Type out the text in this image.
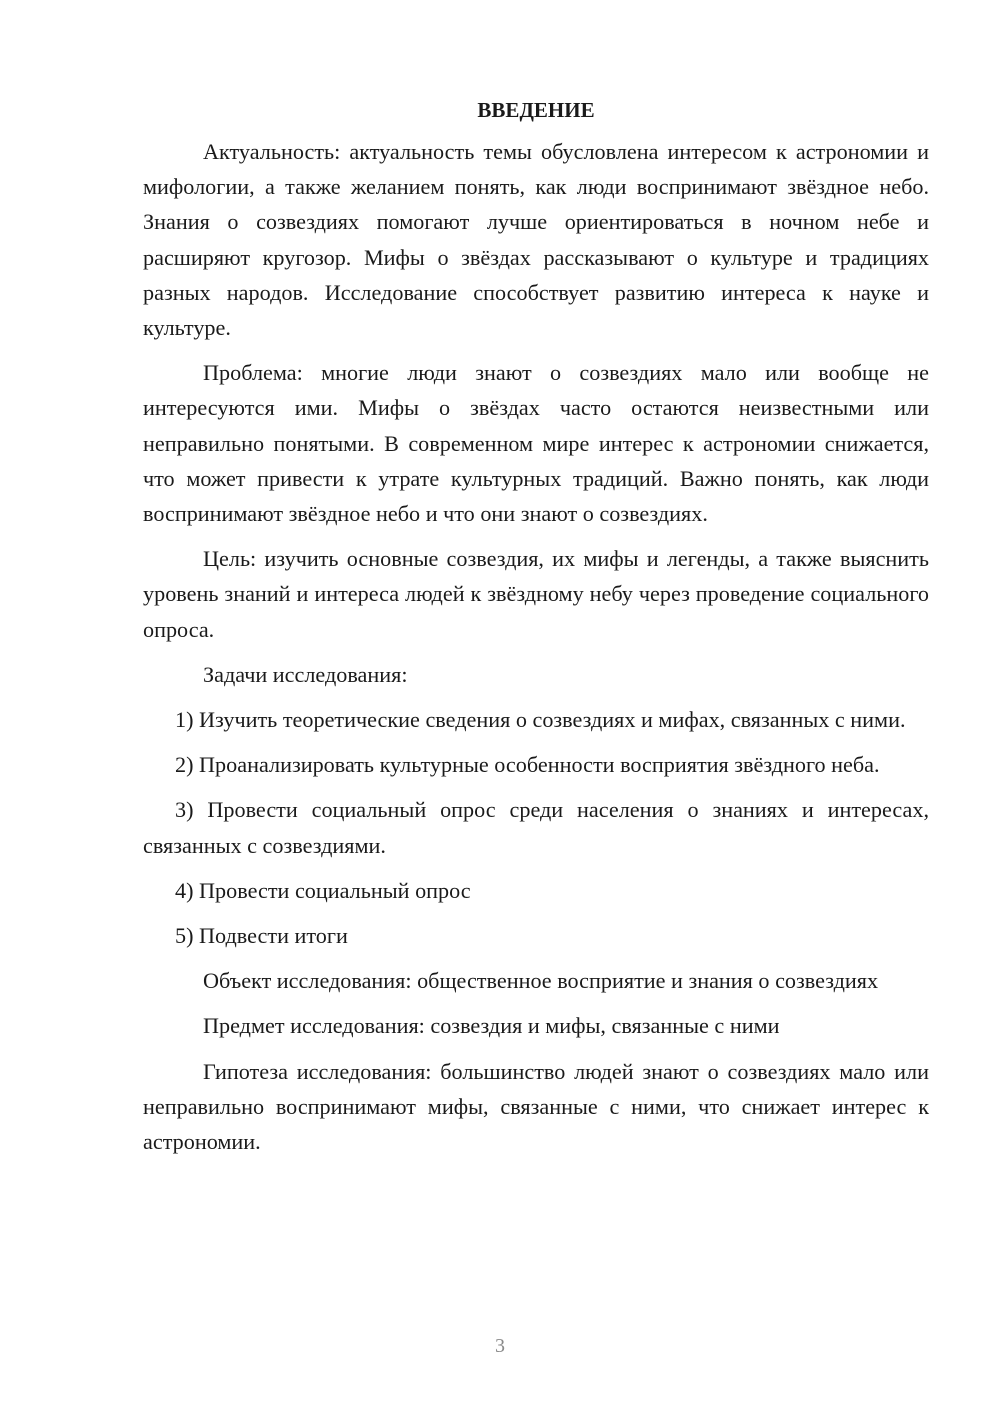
ВВЕДЕНИЕ

Актуальность: актуальность темы обусловлена интересом к астрономии и мифологии, а также желанием понять, как люди воспринимают звёздное небо. Знания о созвездиях помогают лучше ориентироваться в ночном небе и расширяют кругозор. Мифы о звёздах рассказывают о культуре и традициях разных народов. Исследование способствует развитию интереса к науке и культуре.

Проблема: многие люди знают о созвездиях мало или вообще не интересуются ими. Мифы о звёздах часто остаются неизвестными или неправильно понятыми. В современном мире интерес к астрономии снижается, что может привести к утрате культурных традиций. Важно понять, как люди воспринимают звёздное небо и что они знают о созвездиях.

Цель: изучить основные созвездия, их мифы и легенды, а также выяснить уровень знаний и интереса людей к звёздному небу через проведение социального опроса.

Задачи исследования:

1) Изучить теоретические сведения о созвездиях и мифах, связанных с ними.

2) Проанализировать культурные особенности восприятия звёздного неба.

3) Провести социальный опрос среди населения о знаниях и интересах, связанных с созвездиями.

4) Провести социальный опрос

5) Подвести итоги

Объект исследования: общественное восприятие и знания о созвездиях

Предмет исследования: созвездия и мифы, связанные с ними

Гипотеза исследования: большинство людей знают о созвездиях мало или неправильно воспринимают мифы, связанные с ними, что снижает интерес к астрономии.

3
